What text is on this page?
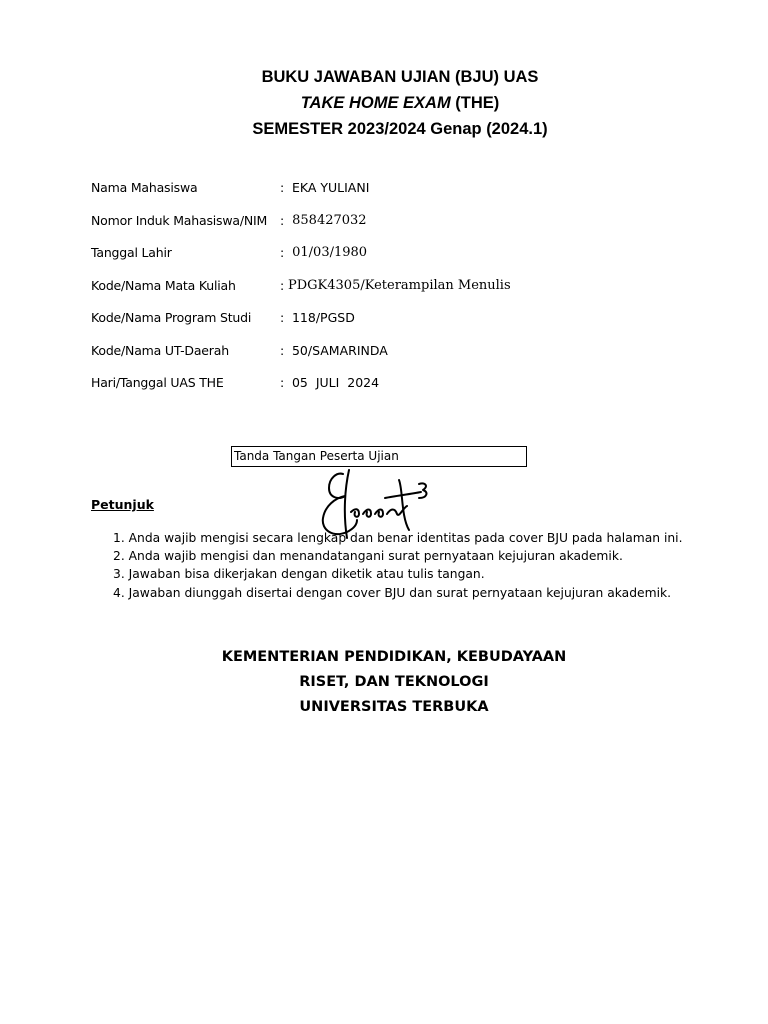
BUKU JAWABAN UJIAN (BJU) UAS
TAKE HOME EXAM (THE)
SEMESTER 2023/2024 Genap (2024.1)
Nama Mahasiswa	: EKA YULIANI
Nomor Induk Mahasiswa/NIM : 858427032
Tanggal Lahir	: 01/03/1980
Kode/Nama Mata Kuliah	: PDGK4305/Keterampilan Menulis
Kode/Nama Program Studi : 118/PGSD
Kode/Nama UT-Daerah	: 50/SAMARINDA
Hari/Tanggal UAS THE	: 05  JULI  2024
Tanda Tangan Peserta Ujian
Petunjuk
1. Anda wajib mengisi secara lengkap dan benar identitas pada cover BJU pada halaman ini.
2. Anda wajib mengisi dan menandatangani surat pernyataan kejujuran akademik.
3. Jawaban bisa dikerjakan dengan diketik atau tulis tangan.
4. Jawaban diunggah disertai dengan cover BJU dan surat pernyataan kejujuran akademik.
KEMENTERIAN PENDIDIKAN, KEBUDAYAAN
RISET, DAN TEKNOLOGI
UNIVERSITAS TERBUKA
